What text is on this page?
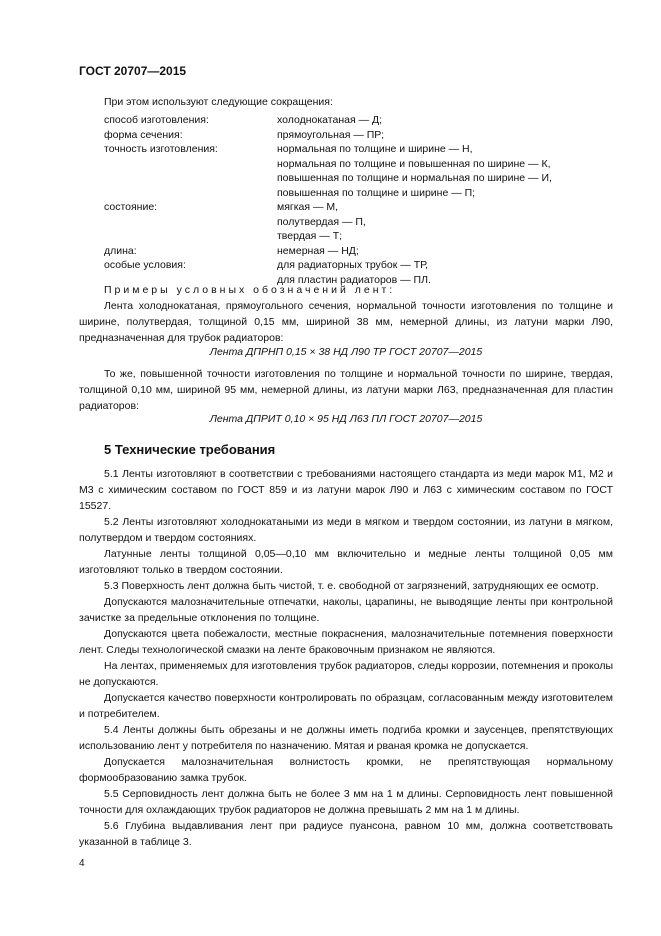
ГОСТ 20707—2015
При этом используют следующие сокращения:
способ изготовления:	холоднокатаная — Д;
форма сечения:	прямоугольная — ПР;
точность изготовления:	нормальная по толщине и ширине — Н,
нормальная по толщине и повышенная по ширине — К,
повышенная по толщине и нормальная по ширине — И,
повышенная по толщине и ширине — П;
состояние:	мягкая — М,
полутвердая — П,
твердая — Т;
длина:	немерная — НД;
особые условия:	для радиаторных трубок — ТР,
для пластин радиаторов — ПЛ.
Примеры условных обозначений лент:

Лента холоднокатаная, прямоугольного сечения, нормальной точности изготовления по толщине и ширине, полутвердая, толщиной 0,15 мм, шириной 38 мм, немерной длины, из латуни марки Л90, предназначенная для трубок радиаторов:

Лента ДПРНП 0,15 × 38 НД Л90 ТР ГОСТ 20707—2015

То же, повышенной точности изготовления по толщине и нормальной точности по ширине, твердая, толщиной 0,10 мм, шириной 95 мм, немерной длины, из латуни марки Л63, предназначенная для пластин радиаторов:

Лента ДПРИТ 0,10 × 95 НД Л63 ПЛ ГОСТ 20707—2015
5 Технические требования

5.1 Ленты изготовляют в соответствии с требованиями настоящего стандарта из меди марок М1, М2 и М3 с химическим составом по ГОСТ 859 и из латуни марок Л90 и Л63 с химическим составом по ГОСТ 15527.

5.2 Ленты изготовляют холоднокатаными из меди в мягком и твердом состоянии, из латуни в мягком, полутвердом и твердом состояниях.

Латунные ленты толщиной 0,05—0,10 мм включительно и медные ленты толщиной 0,05 мм изготовляют только в твердом состоянии.

5.3 Поверхность лент должна быть чистой, т. е. свободной от загрязнений, затрудняющих ее осмотр.

Допускаются малозначительные отпечатки, наколы, царапины, не выводящие ленты при контрольной зачистке за предельные отклонения по толщине.

Допускаются цвета побежалости, местные покраснения, малозначительные потемнения поверхности лент. Следы технологической смазки на ленте браковочным признаком не являются.

На лентах, применяемых для изготовления трубок радиаторов, следы коррозии, потемнения и проколы не допускаются.

Допускается качество поверхности контролировать по образцам, согласованным между изготовителем и потребителем.

5.4 Ленты должны быть обрезаны и не должны иметь подгиба кромки и заусенцев, препятствующих использованию лент у потребителя по назначению. Мятая и рваная кромка не допускается.

Допускается малозначительная волнистость кромки, не препятствующая нормальному формообразованию замка трубок.

5.5 Серповидность лент должна быть не более 3 мм на 1 м длины. Серповидность лент повышенной точности для охлаждающих трубок радиаторов не должна превышать 2 мм на 1 м длины.

5.6 Глубина выдавливания лент при радиусе пуансона, равном 10 мм, должна соответствовать указанной в таблице 3.

4
